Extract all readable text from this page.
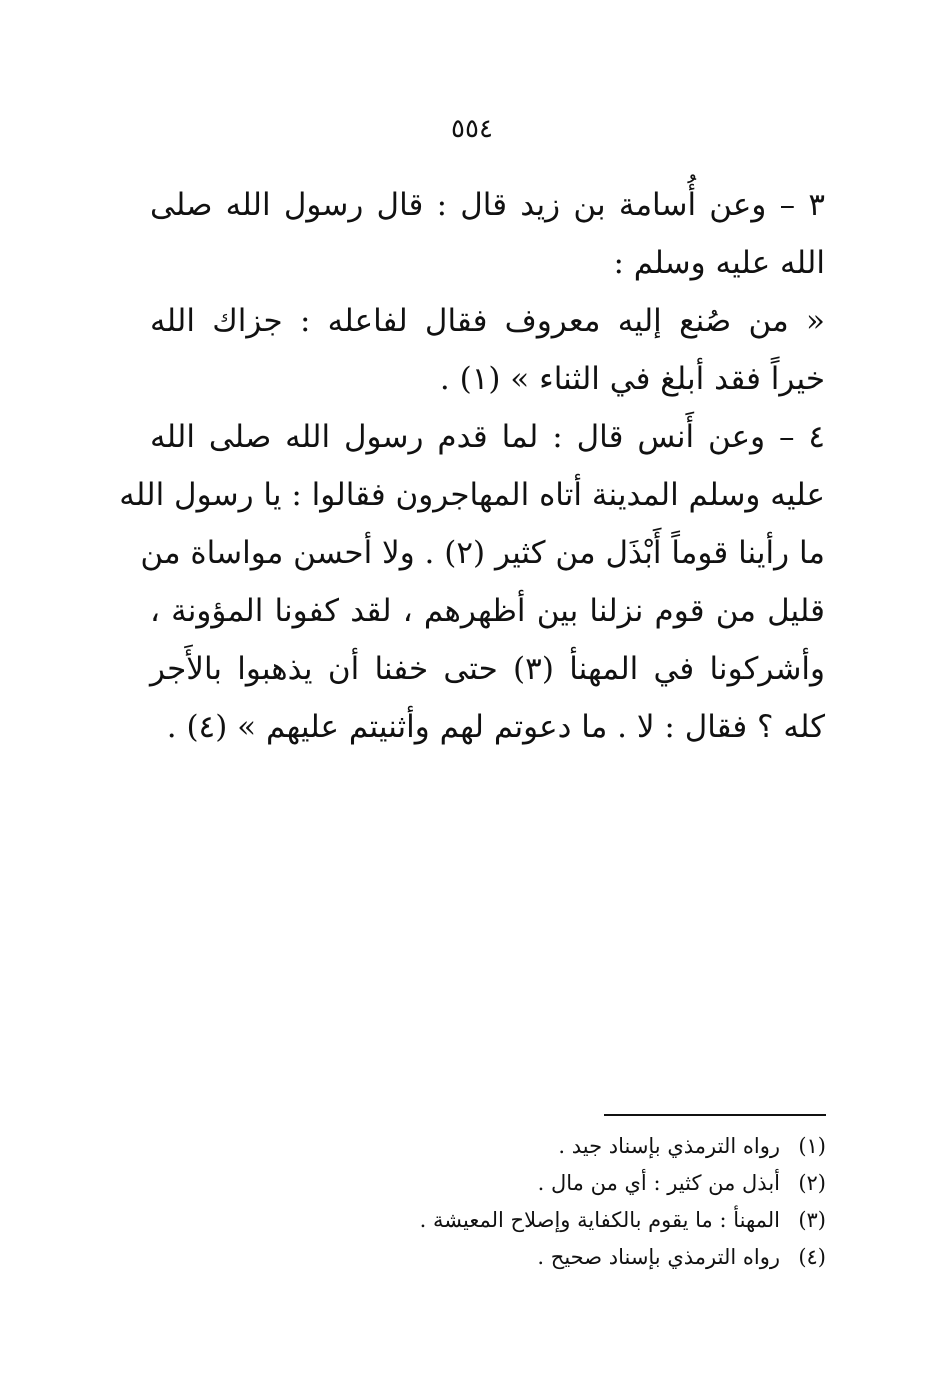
٥٥٤

٣ – وعن أُسامة بن زيد قال : قال رسول الله صلى
الله عليه وسلم :

« من صُنع إليه معروف فقال لفاعله : جزاك الله
خيراً فقد أبلغ في الثناء » (١) .

٤ – وعن أَنس قال : لما قدم رسول الله صلى الله
عليه وسلم المدينة أتاه المهاجرون فقالوا : يا رسول الله
ما رأينا قوماً أَبْذَل من كثير (٢) . ولا أحسن مواساة من
قليل من قوم نزلنا بين أظهرهم ، لقد كفونا المؤونة ،
وأشركونا في المهنأ (٣) حتى خفنا أن يذهبوا بالأَجر
كله ؟ فقال : لا . ما دعوتم لهم وأثنيتم عليهم » (٤) .

(١)رواه الترمذي بإسناد جيد .
(٢)أبذل من كثير : أي من مال .
(٣)المهنأ : ما يقوم بالكفاية وإصلاح المعيشة .
(٤)رواه الترمذي بإسناد صحيح .
